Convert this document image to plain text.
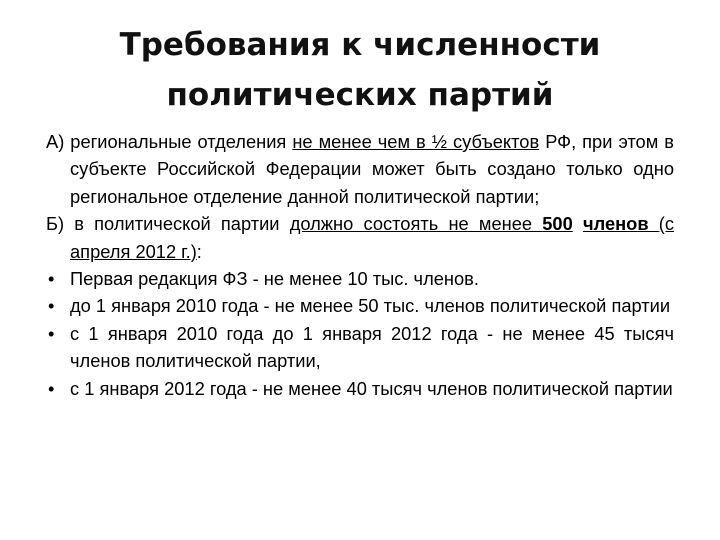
Требования к численности
политических партий

А) региональные отделения не менее чем в ½ субъектов РФ, при этом в субъекте Российской Федерации может быть создано только одно региональное отделение данной политической партии;

Б) в политической партии должно состоять не менее 500 членов (с апреля 2012 г.):

• Первая редакция ФЗ - не менее 10 тыс. членов.

• до 1 января 2010 года - не менее 50 тыс. членов политической партии

• с 1 января 2010 года до 1 января 2012 года - не менее 45 тысяч членов политической партии,

• с 1 января 2012 года - не менее 40 тысяч членов политической партии
